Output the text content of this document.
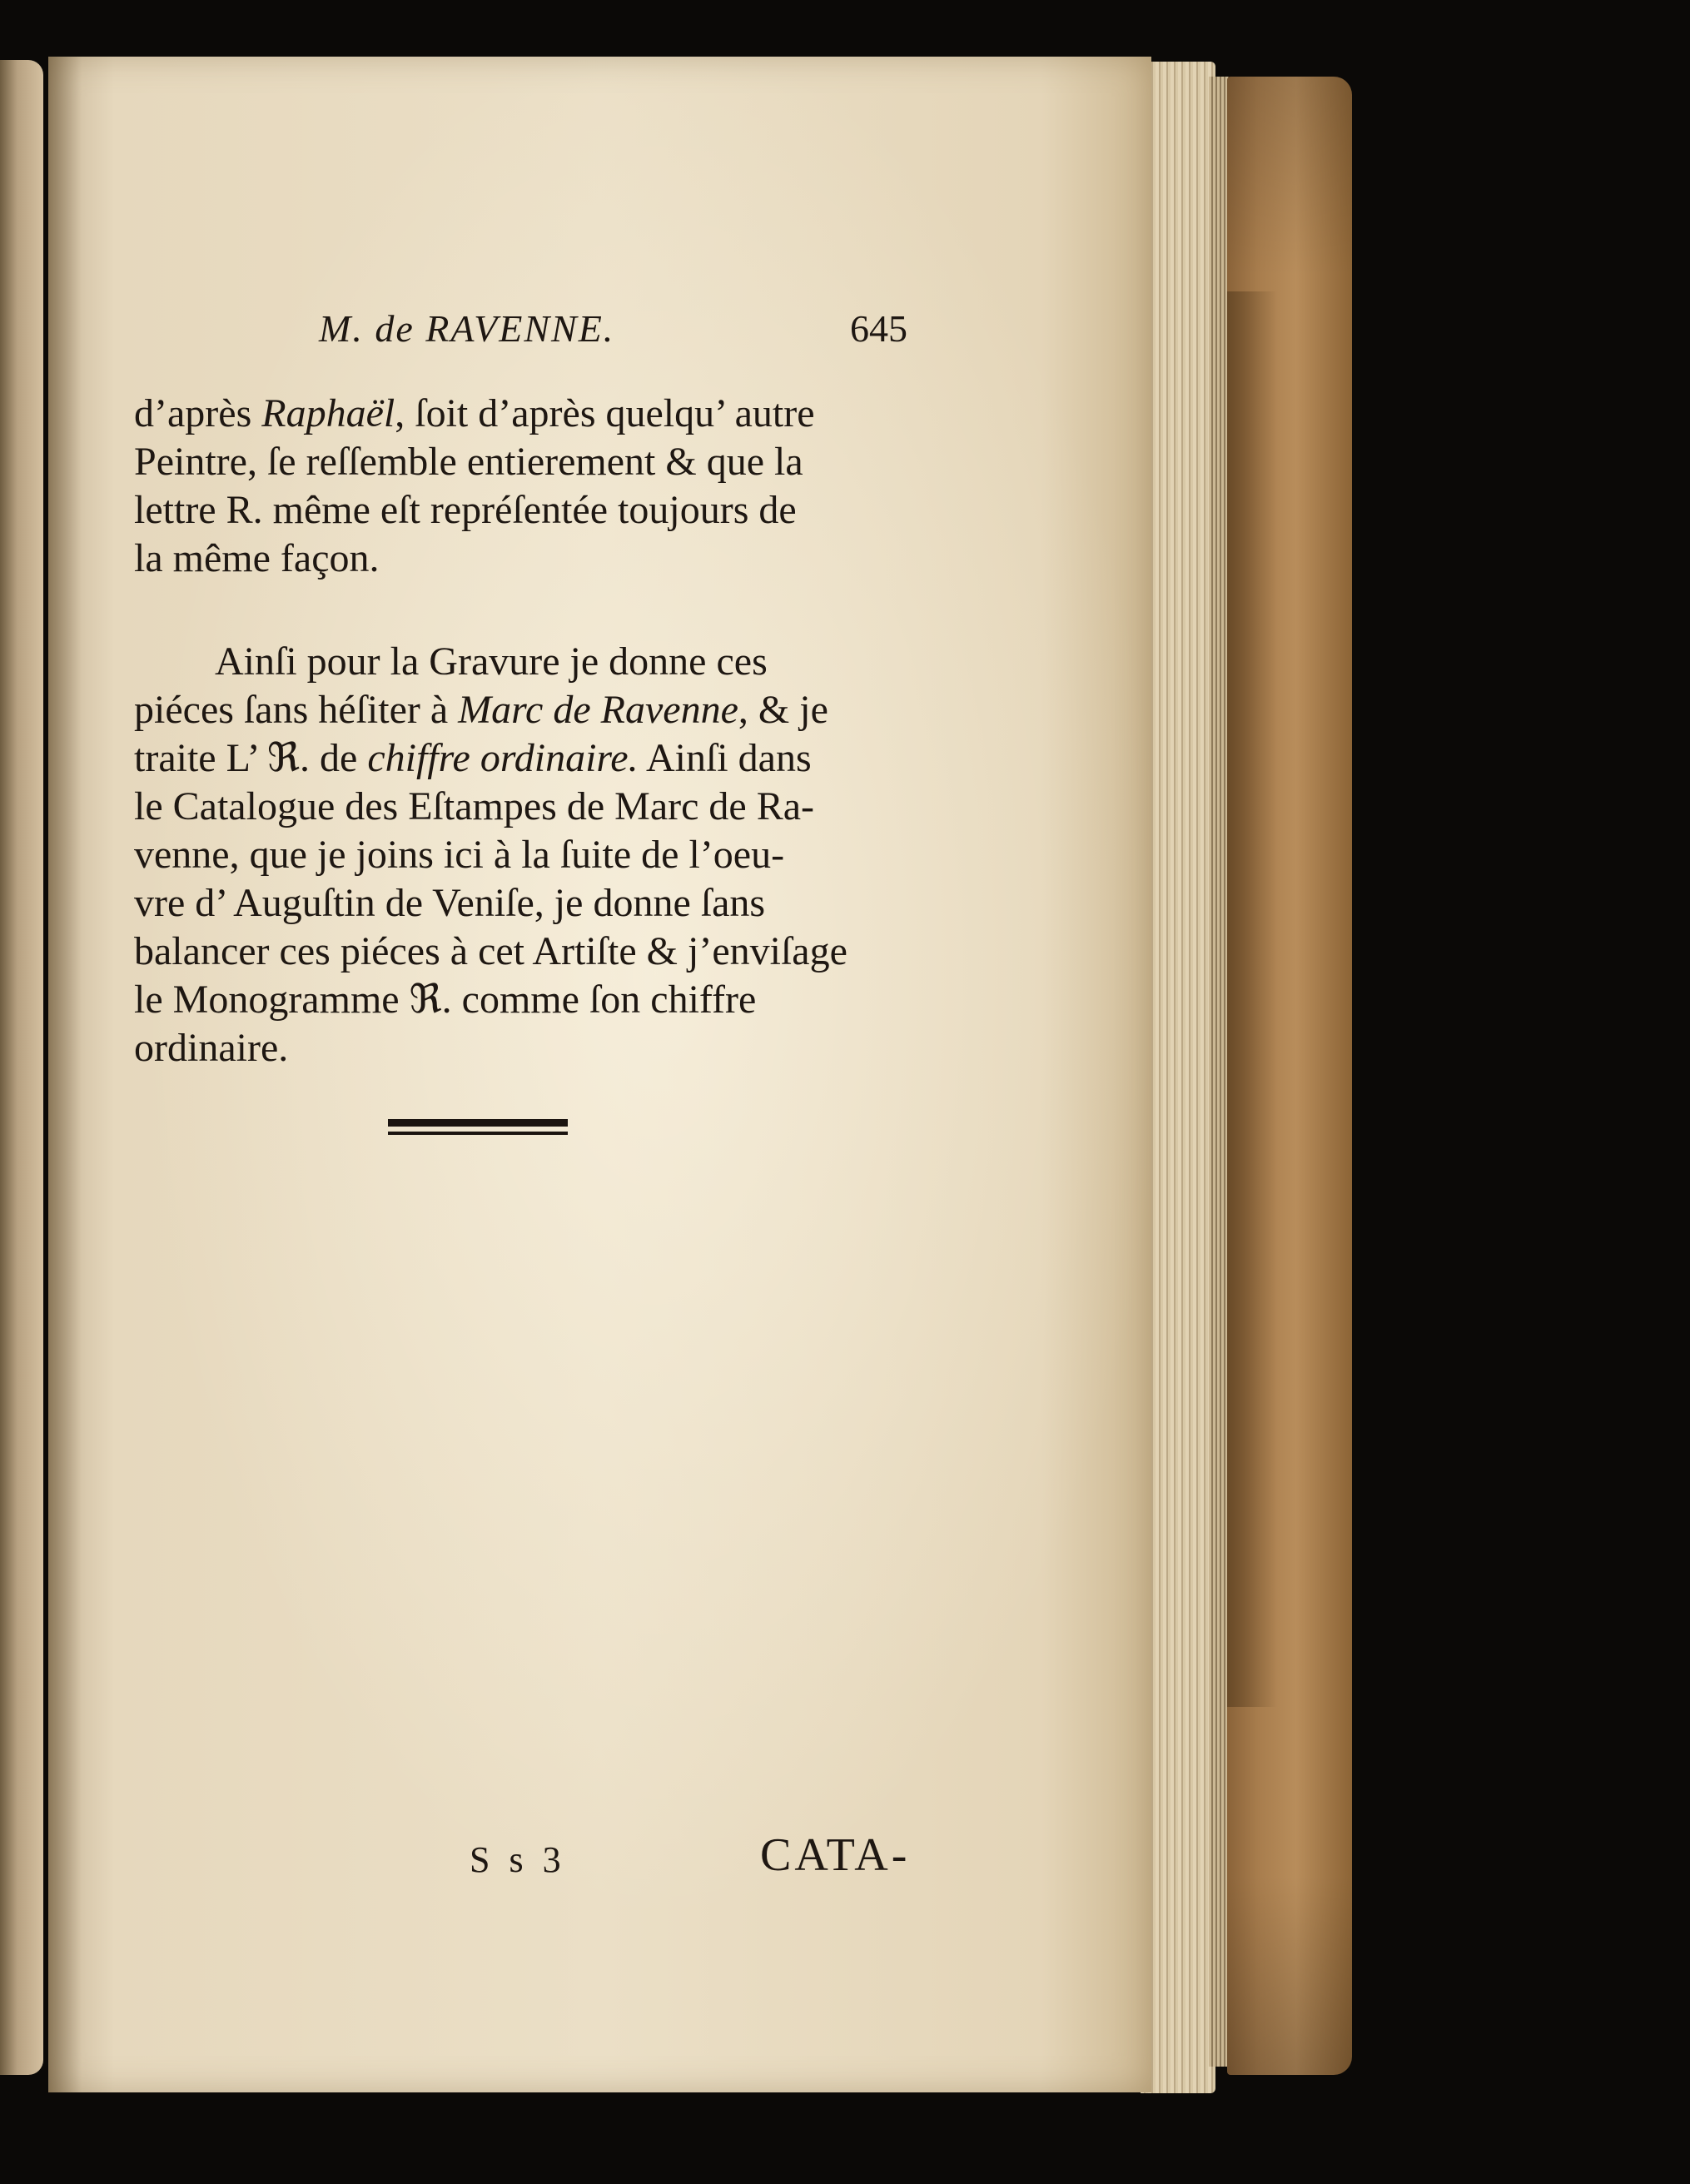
M. de RAVENNE.	645
d’après Raphaël, ſoit d’après quelqu’ autre
Peintre, ſe reſſemble entierement & que la
lettre R. même eſt repréſentée toujours de
la même façon.
Ainſi pour la Gravure je donne ces
piéces ſans héſiter à Marc de Ravenne, & je
traite L’ ℜ. de chiffre ordinaire. Ainſi dans
le Catalogue des Eſtampes de Marc de Ra-
venne, que je joins ici à la ſuite de l’oeu-
vre d’ Auguſtin de Veniſe, je donne ſans
balancer ces piéces à cet Artiſte & j’enviſage
le Monogramme ℜ. comme ſon chiffre
ordinaire.
S s 3	CATA-
